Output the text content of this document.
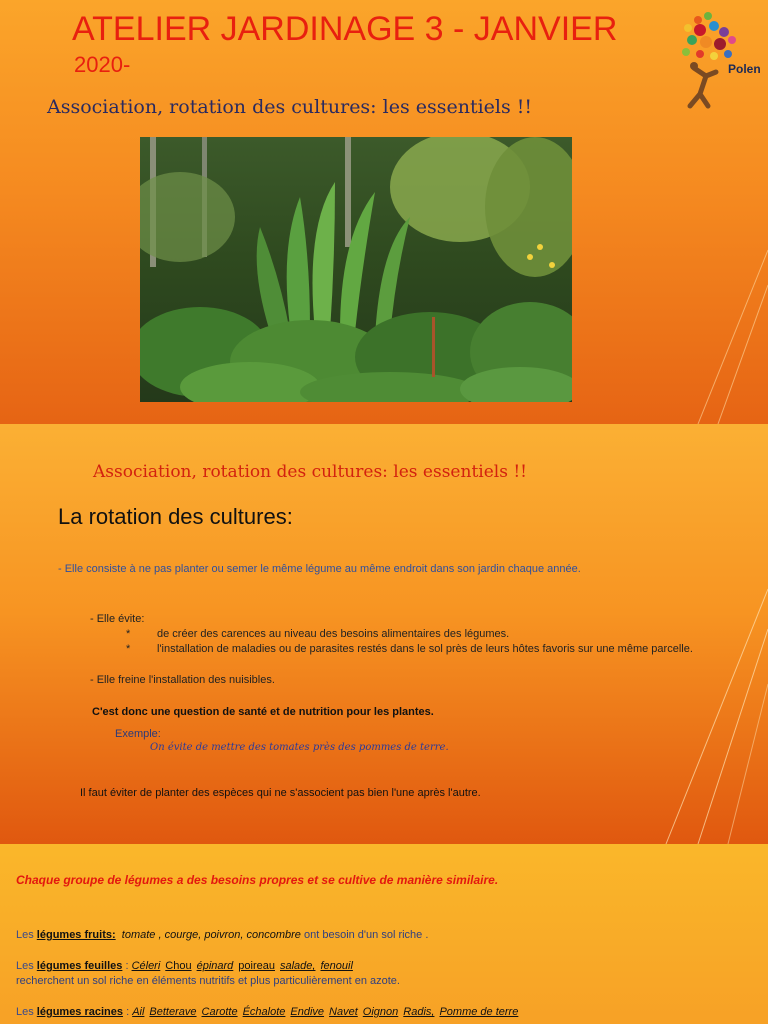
ATELIER JARDINAGE 3 - JANVIER
2020-
Association, rotation des cultures: les essentiels !!
Polen
Association, rotation des cultures: les essentiels !!
La rotation des cultures:
- Elle consiste à ne pas planter ou semer le même légume au même endroit dans son jardin chaque année.
- Elle évite:
* de créer des carences au niveau des besoins alimentaires des légumes.
* l'installation de maladies ou de parasites restés dans le sol près de leurs hôtes favoris sur une même parcelle.
- Elle freine l'installation des nuisibles.
C'est donc une question de santé et de nutrition pour les plantes.
Exemple:
On évite de mettre des tomates près des pommes de terre.
Il faut éviter de planter des espèces qui ne s'associent pas bien l'une après l'autre.
Chaque groupe de légumes a des besoins propres et se cultive de manière similaire.
Les légumes fruits: tomate , courge, poivron, concombre ont besoin d'un sol riche .
Les légumes feuilles : Céleri Chou épinard poireau salade, fenouil
recherchent un sol riche en éléments nutritifs et plus particulièrement en azote.
Les légumes racines : Ail Betterave Carotte Échalote Endive Navet Oignon Radis, Pomme de terre
